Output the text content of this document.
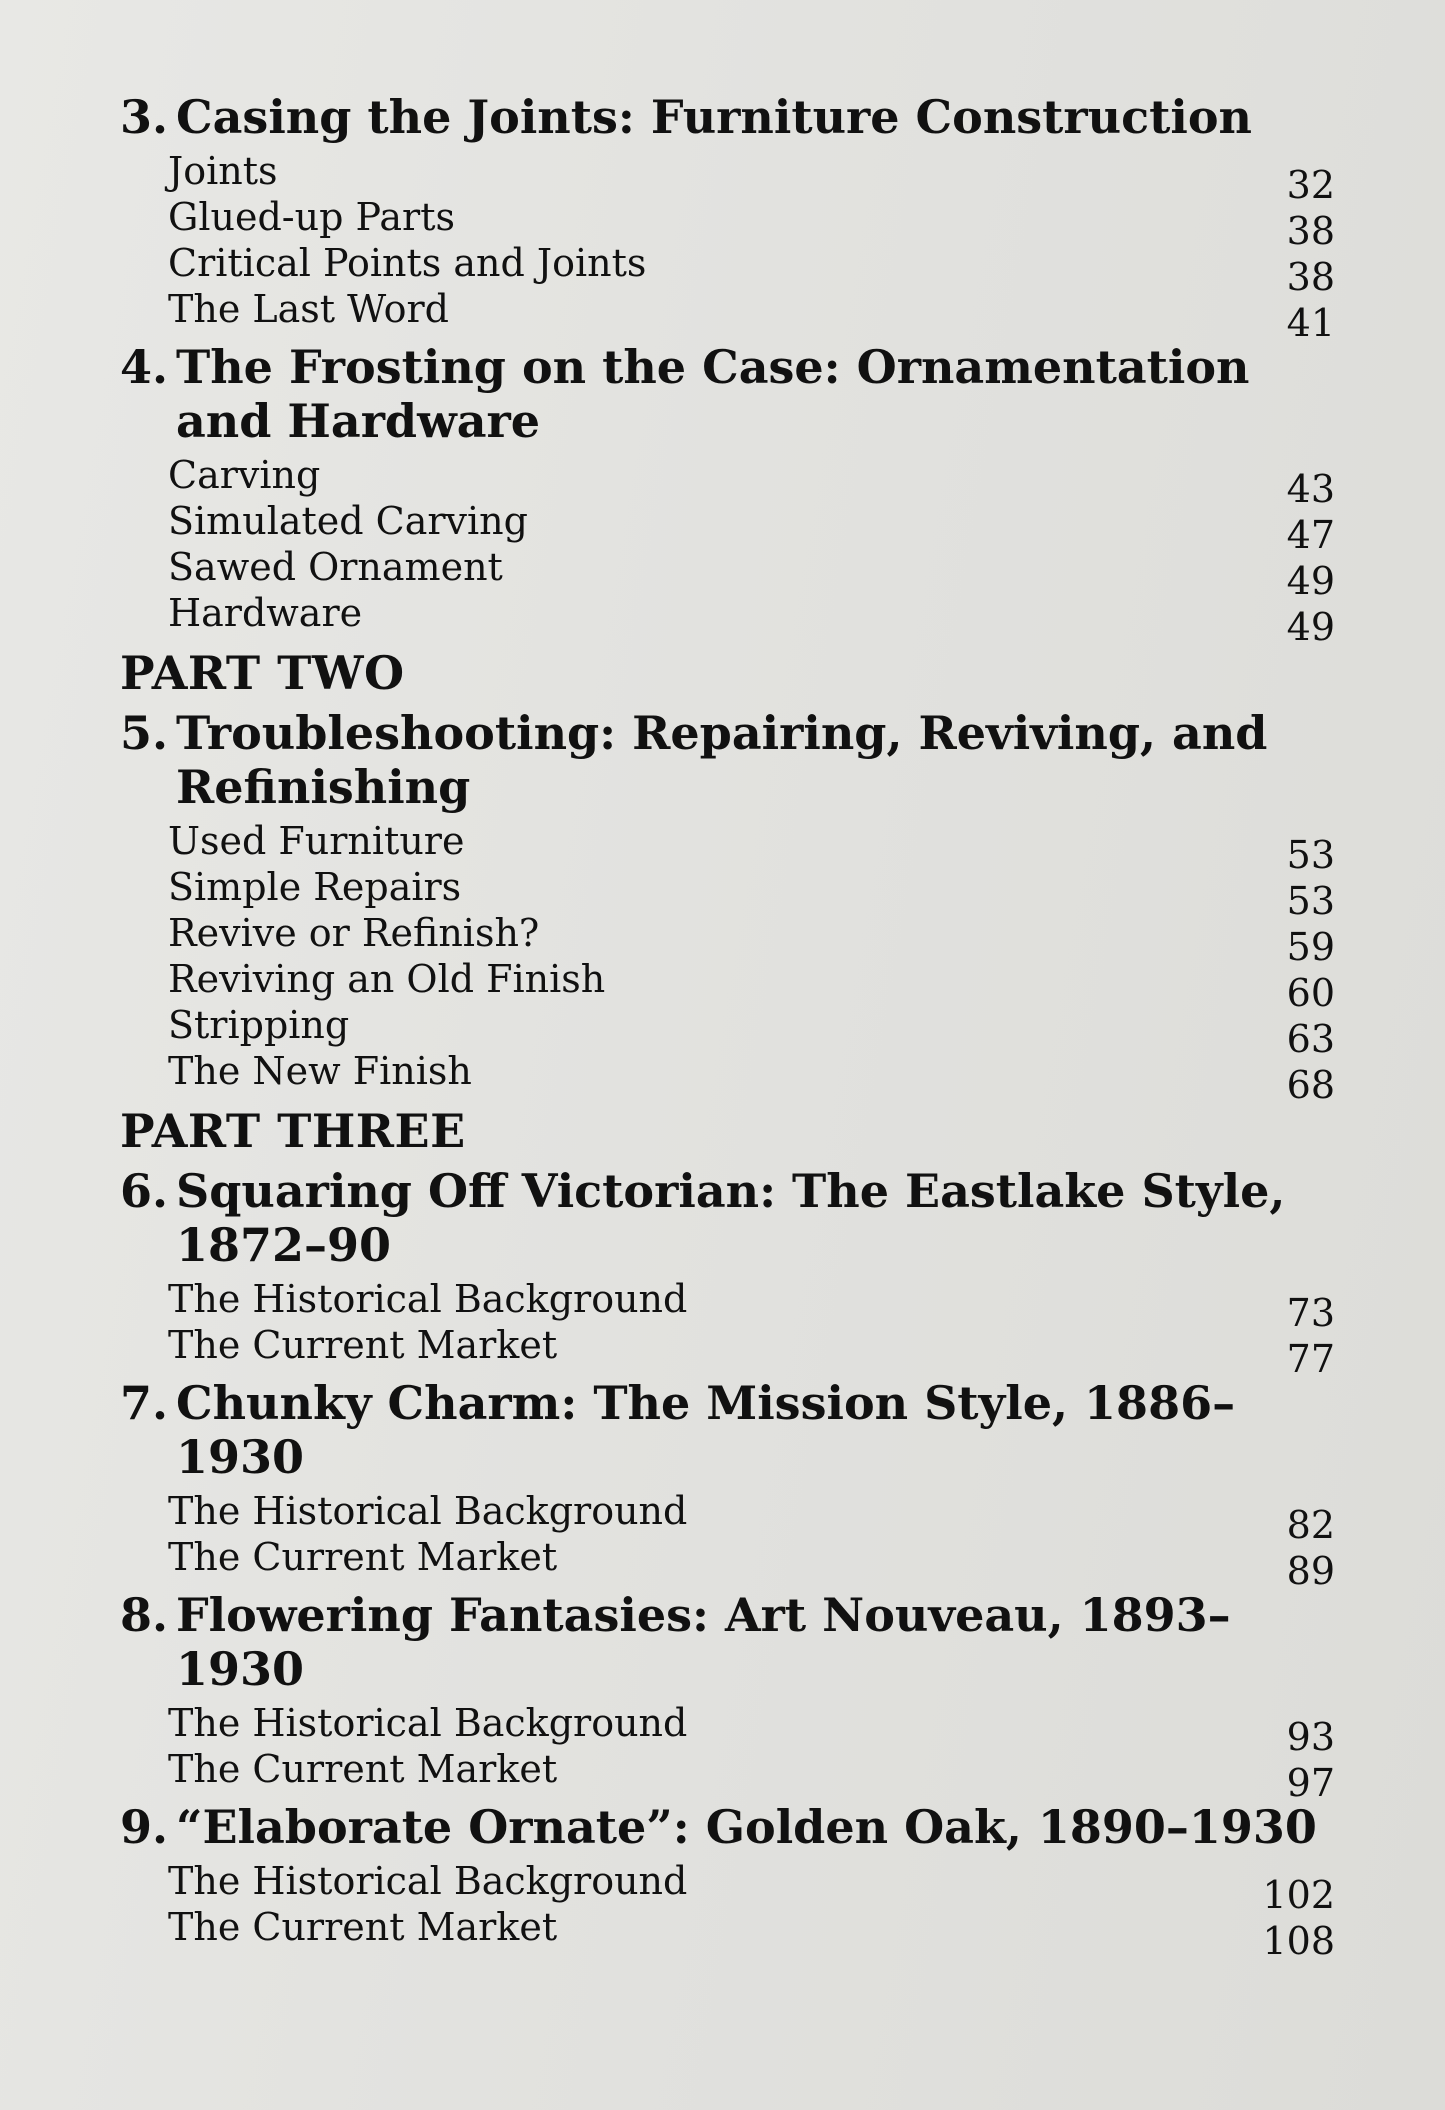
3. Casing the Joints: Furniture Construction
Joints	32
Glued-up Parts	38
Critical Points and Joints	38
The Last Word	41
4. The Frosting on the Case: Ornamentation and Hardware
Carving	43
Simulated Carving	47
Sawed Ornament	49
Hardware	49
PART TWO
5. Troubleshooting: Repairing, Reviving, and Refinishing
Used Furniture	53
Simple Repairs	53
Revive or Refinish?	59
Reviving an Old Finish	60
Stripping	63
The New Finish	68
PART THREE
6. Squaring Off Victorian: The Eastlake Style, 1872–90
The Historical Background	73
The Current Market	77
7. Chunky Charm: The Mission Style, 1886–1930
The Historical Background	82
The Current Market	89
8. Flowering Fantasies: Art Nouveau, 1893–1930
The Historical Background	93
The Current Market	97
9. “Elaborate Ornate”: Golden Oak, 1890–1930
The Historical Background	102
The Current Market	108
